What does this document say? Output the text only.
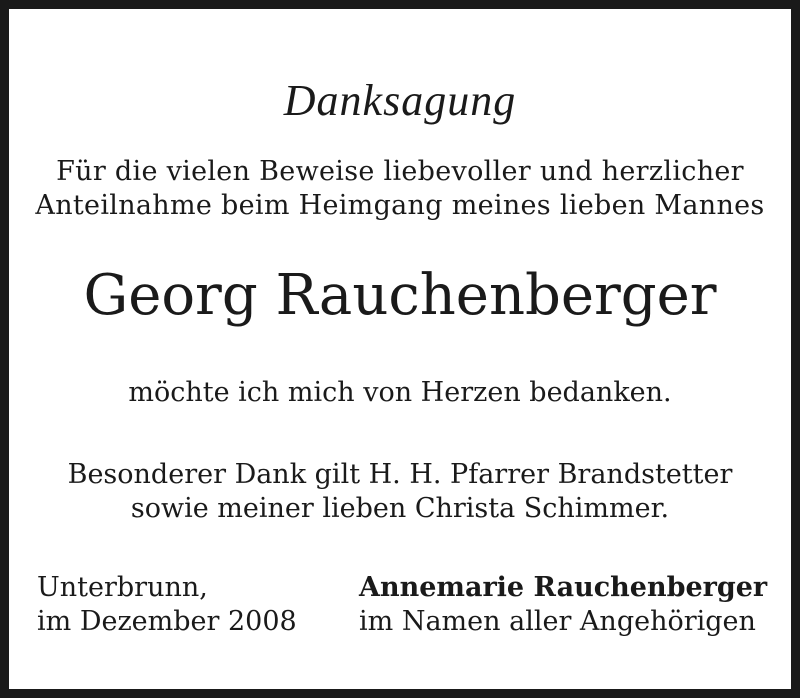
Danksagung
Für die vielen Beweise liebevoller und herzlicher
Anteilnahme beim Heimgang meines lieben Mannes
Georg Rauchenberger
möchte ich mich von Herzen bedanken.
Besonderer Dank gilt H. H. Pfarrer Brandstetter
sowie meiner lieben Christa Schimmer.
Unterbrunn,
im Dezember 2008
Annemarie Rauchenberger
im Namen aller Angehörigen
